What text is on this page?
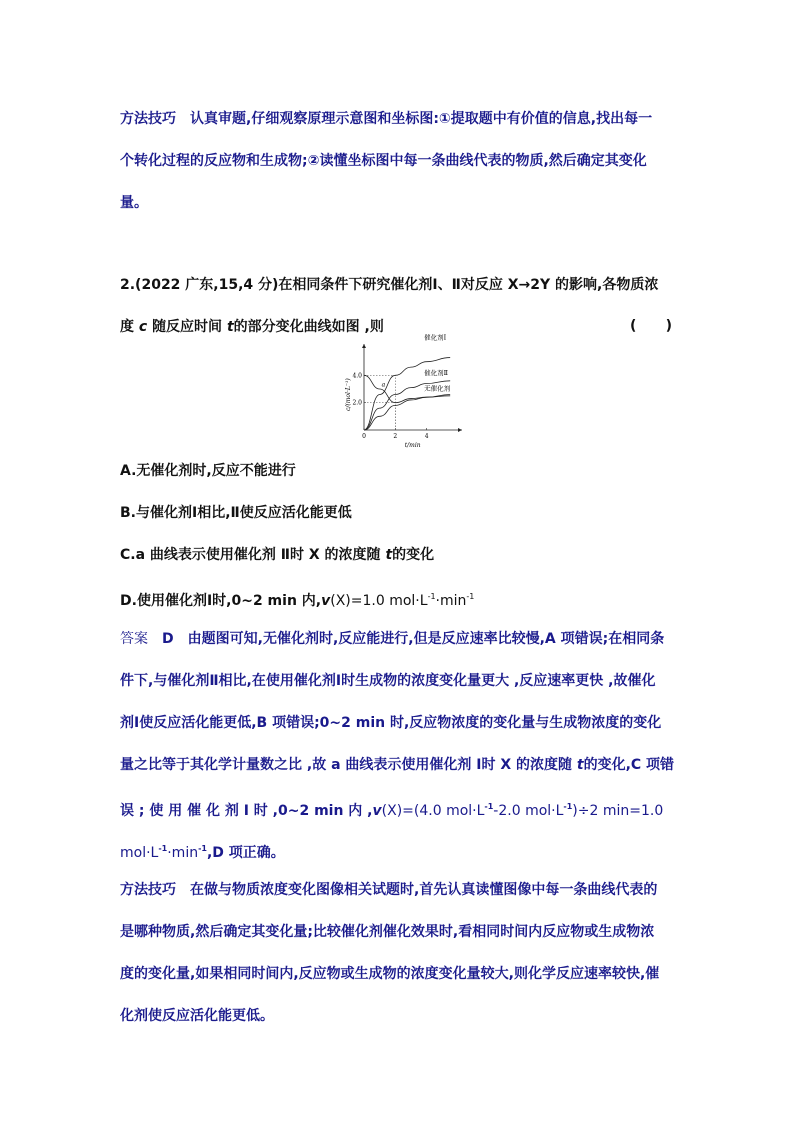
方法技巧 认真审题,仔细观察原理示意图和坐标图:①提取题中有价值的信息,找出每一
个转化过程的反应物和生成物;②读懂坐标图中每一条曲线代表的物质,然后确定其变化
量。
2.(2022 广东,15,4 分)在相同条件下研究催化剂Ⅰ、Ⅱ对反应 X→2Y 的影响,各物质浓
度 c 随反应时间 t的部分变化曲线如图 ,则	(      )
0	2	4
2.0
4.0
催化剂Ⅰ
催化剂Ⅱ
无催化剂
a
t/min
c/(mol·L⁻¹)
A.无催化剂时,反应不能进行
B.与催化剂Ⅰ相比,Ⅱ使反应活化能更低
C.a 曲线表示使用催化剂 Ⅱ时 X 的浓度随 t的变化
D.使用催化剂Ⅰ时,0~2 min 内,v(X)=1.0 $mol\cdot L^{-1}\cdot\min^{-1}$
答案 D 由题图可知,无催化剂时,反应能进行,但是反应速率比较慢,A 项错误;在相同条
件下,与催化剂Ⅱ相比,在使用催化剂Ⅰ时生成物的浓度变化量更大 ,反应速率更快 ,故催化
剂Ⅰ使反应活化能更低,B 项错误;0~2 min 时,反应物浓度的变化量与生成物浓度的变化
量之比等于其化学计量数之比 ,故 a 曲线表示使用催化剂 Ⅰ时 X 的浓度随 t的变化,C 项错
误 ; 使 用 催 化 剂 Ⅰ 时 ,0~2 min 内 ,v(X)=(4.0 $mol\cdot L^{-1}-2.0$ $mol\cdot L^{-1})\div 2$ min=1.0
$mol\cdot L^{-1}\cdot\min^{-1},D$ 项正确。
方法技巧 在做与物质浓度变化图像相关试题时,首先认真读懂图像中每一条曲线代表的
是哪种物质,然后确定其变化量;比较催化剂催化效果时,看相同时间内反应物或生成物浓
度的变化量,如果相同时间内,反应物或生成物的浓度变化量较大,则化学反应速率较快,催
化剂使反应活化能更低。
